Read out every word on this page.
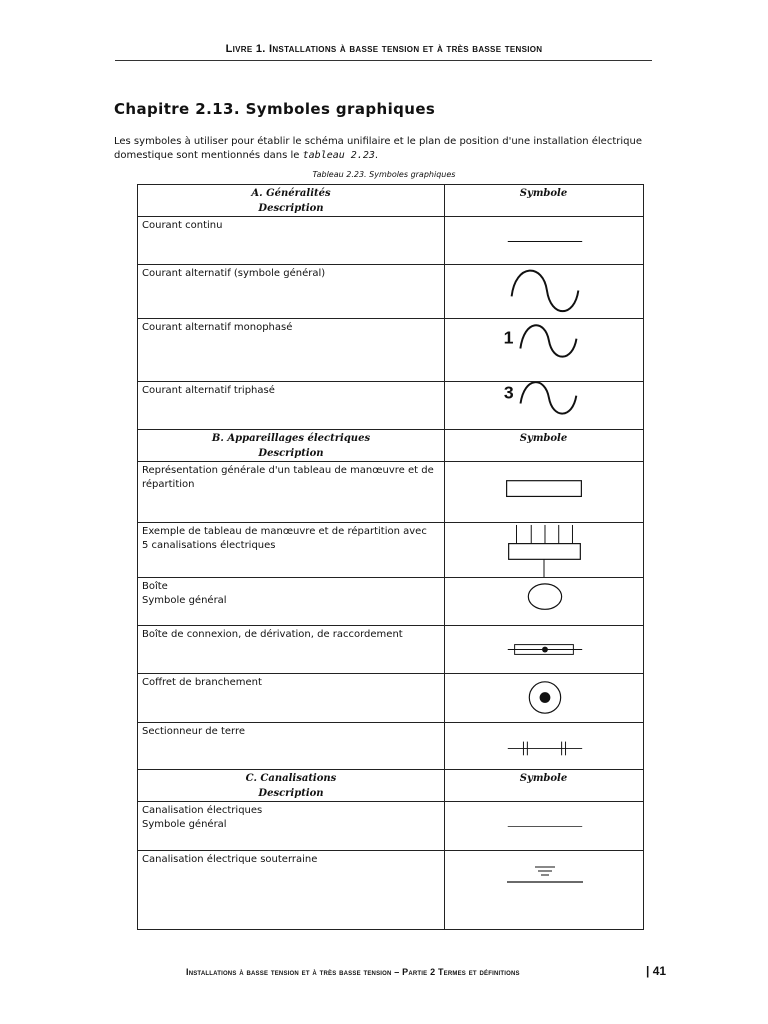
Livre 1. Installations à basse tension et à très basse tension
Chapitre 2.13. Symboles graphiques
Les symboles à utiliser pour établir le schéma unifilaire et le plan de position d'une installation électrique
domestique sont mentionnés dans le tableau 2.23.
Tableau 2.23. Symboles graphiques
A. Généralités
Description
Symbole
Courant continu
Courant alternatif (symbole général)
Courant alternatif monophasé
1
Courant alternatif triphasé	3
B. Appareillages électriques
Description
Symbole
Représentation générale d'un tableau de manœuvre et de
répartition
Exemple de tableau de manœuvre et de répartition avec
5 canalisations électriques
Boîte
Symbole général
Boîte de connexion, de dérivation, de raccordement
Coffret de branchement
Sectionneur de terre
C. Canalisations
Description
Symbole
Canalisation électriques
Symbole général
Canalisation électrique souterraine
Installations à basse tension et à très basse tension – Partie 2 Termes et définitions	| 41
